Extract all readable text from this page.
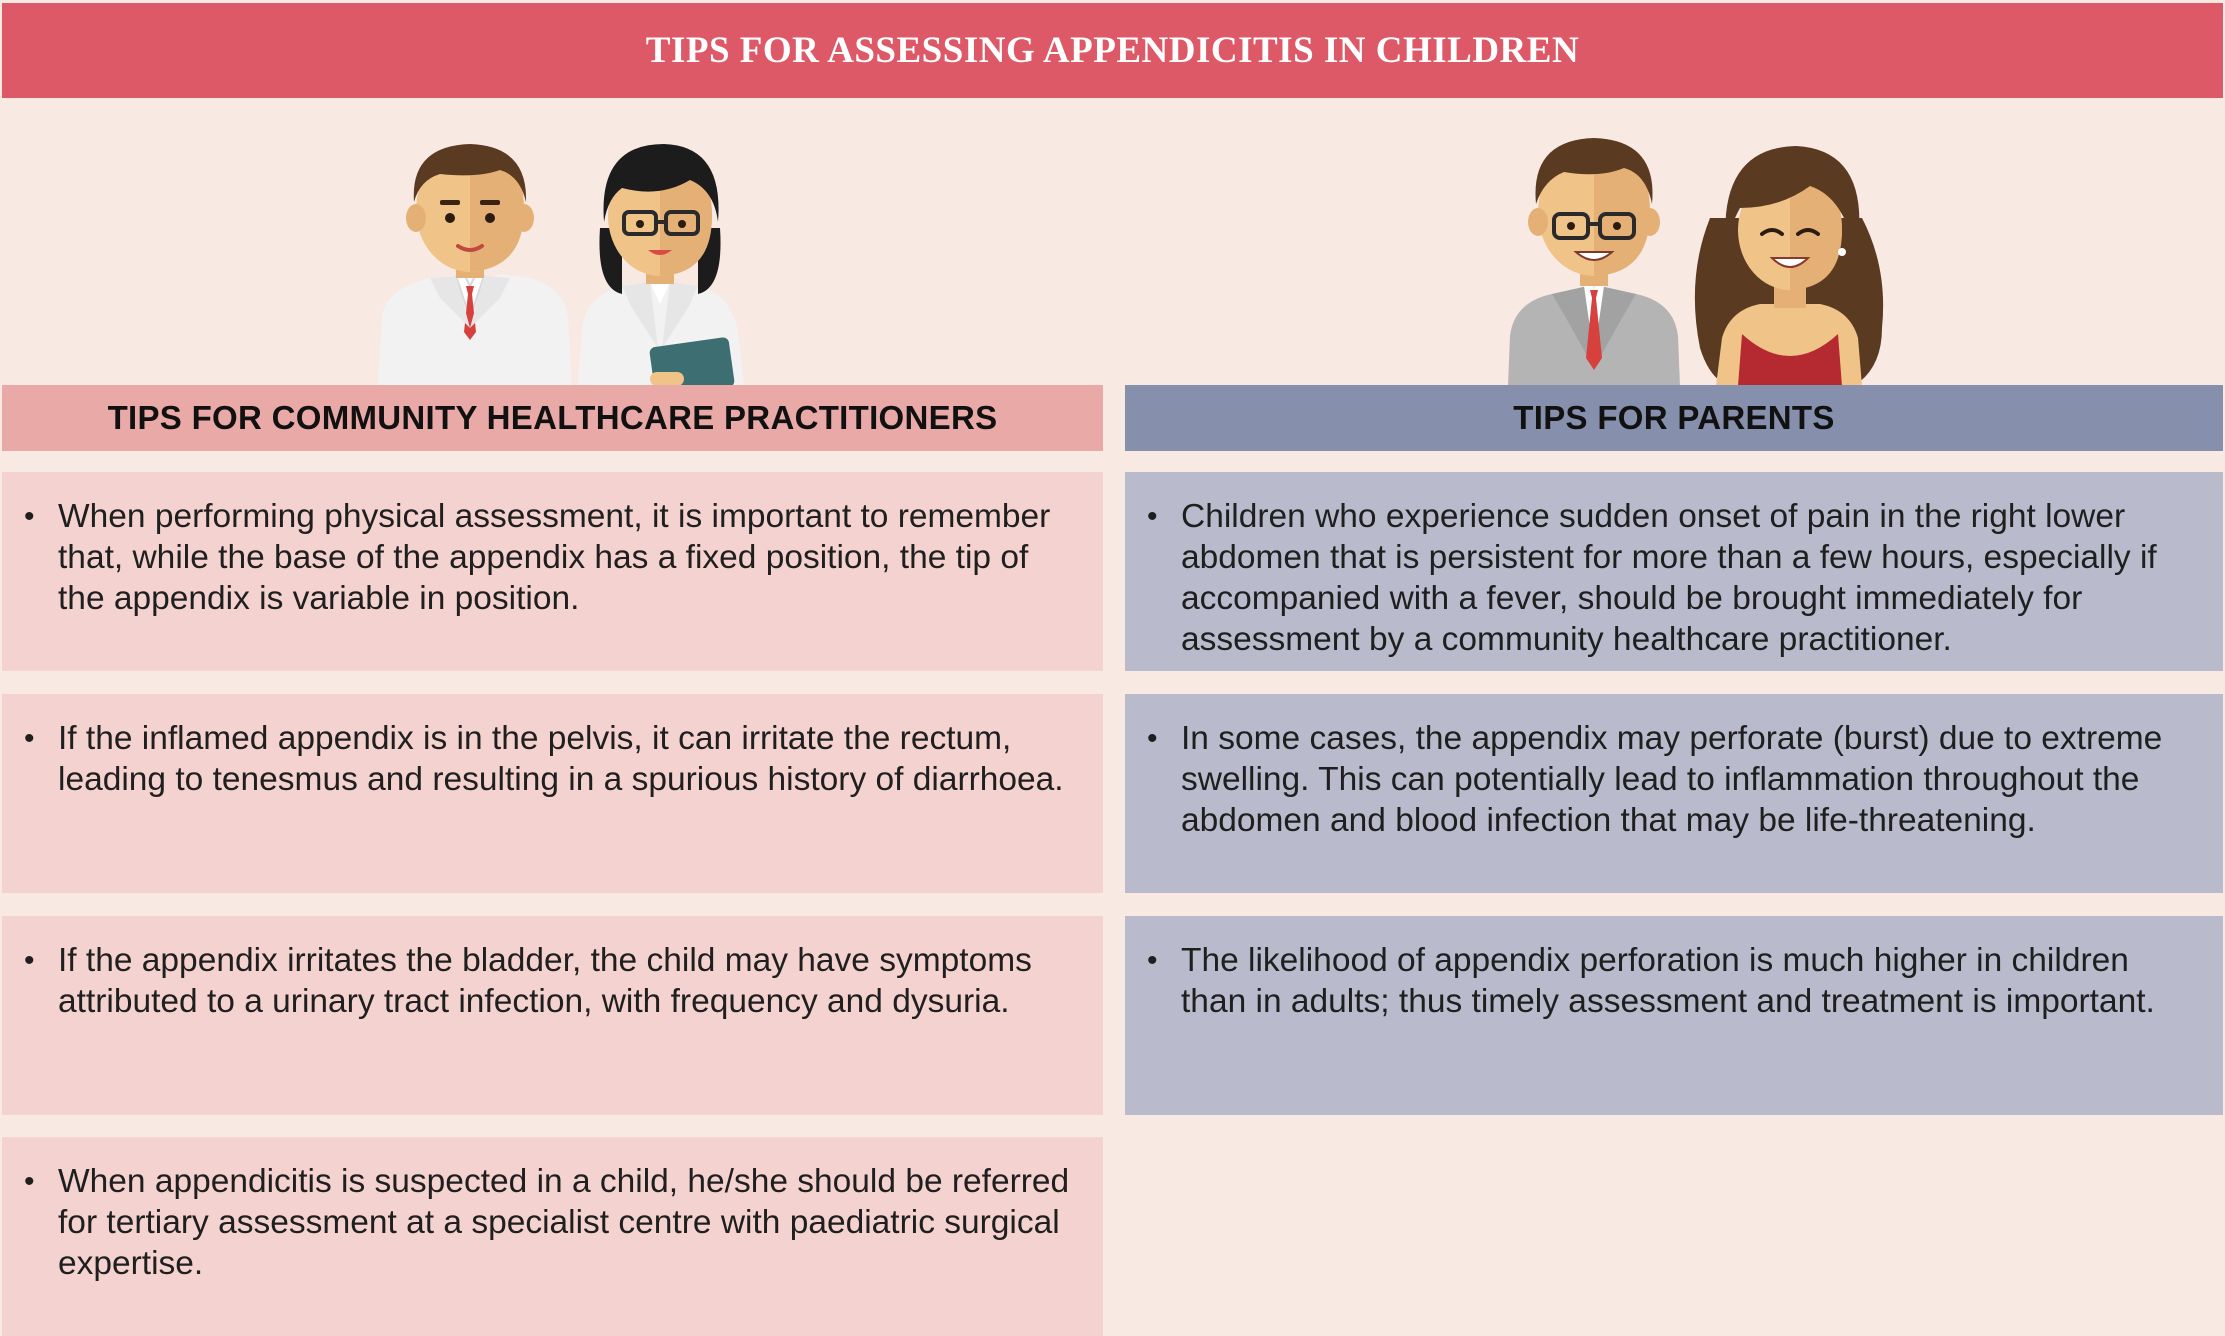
TIPS FOR ASSESSING APPENDICITIS IN CHILDREN
TIPS FOR COMMUNITY HEALTHCARE PRACTITIONERS	TIPS FOR PARENTS
• When performing physical assessment, it is important to remember that, while the base of the appendix has a fixed position, the tip of the appendix is variable in position.
• If the inflamed appendix is in the pelvis, it can irritate the rectum, leading to tenesmus and resulting in a spurious history of diarrhoea.
• If the appendix irritates the bladder, the child may have symptoms attributed to a urinary tract infection, with frequency and dysuria.
• When appendicitis is suspected in a child, he/she should be referred for tertiary assessment at a specialist centre with paediatric surgical expertise.
• Children who experience sudden onset of pain in the right lower abdomen that is persistent for more than a few hours, especially if accompanied with a fever, should be brought immediately for assessment by a community healthcare practitioner.
• In some cases, the appendix may perforate (burst) due to extreme swelling. This can potentially lead to inflammation throughout the abdomen and blood infection that may be life-threatening.
• The likelihood of appendix perforation is much higher in children than in adults; thus timely assessment and treatment is important.
